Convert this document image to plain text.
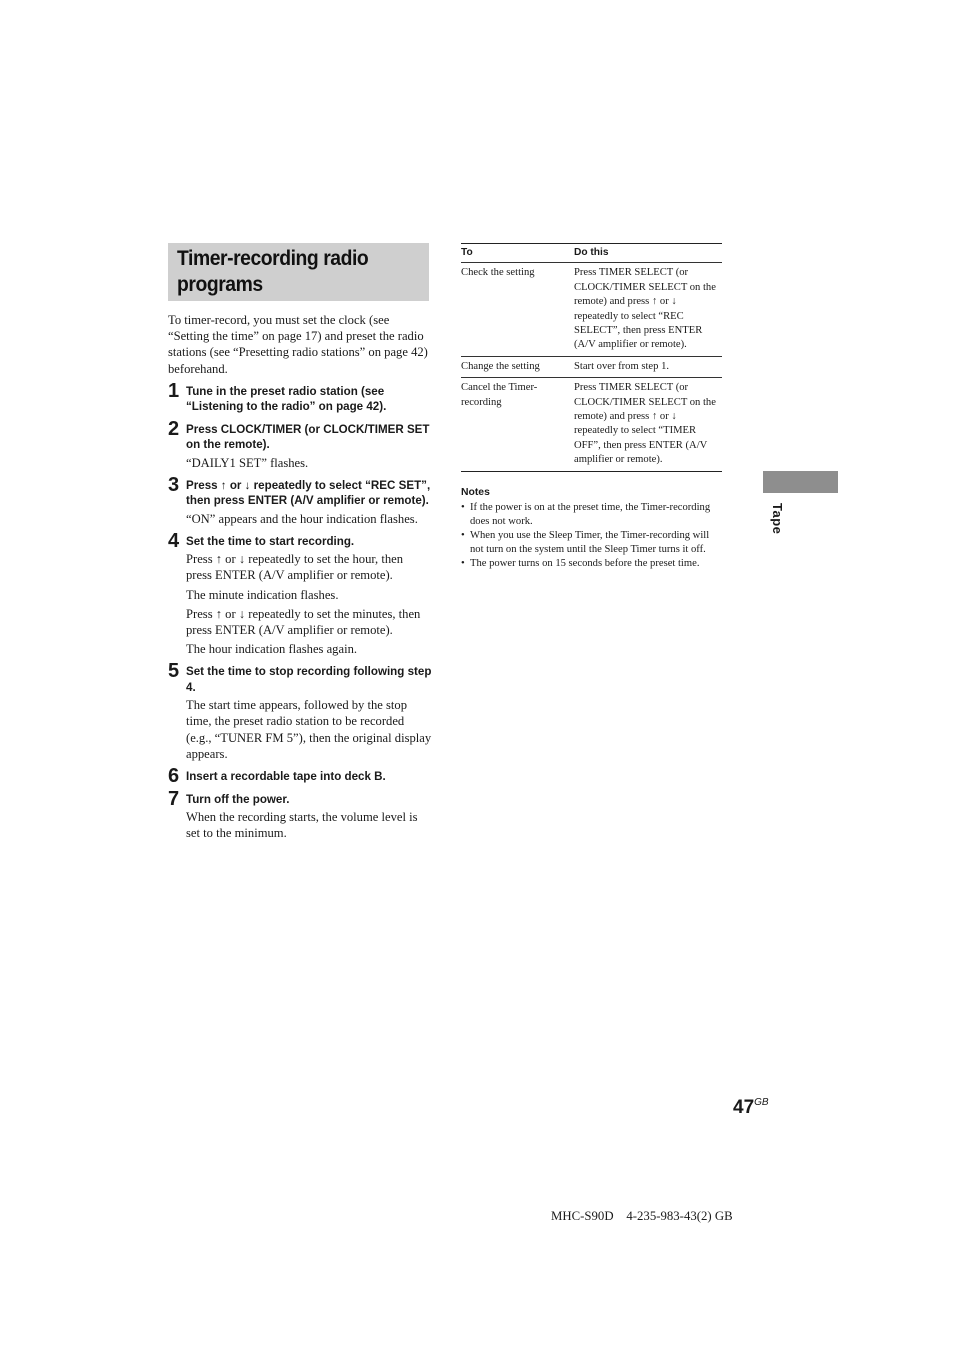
Timer-recording radio programs

To timer-record, you must set the clock (see “Setting the time” on page 17) and preset the radio stations (see “Presetting radio stations” on page 42) beforehand.

1 Tune in the preset radio station (see “Listening to the radio” on page 42).

2 Press CLOCK/TIMER (or CLOCK/TIMER SET on the remote).

“DAILY1 SET” flashes.

3 Press ↑ or ↓ repeatedly to select “REC SET”, then press ENTER (A/V amplifier or remote).

“ON” appears and the hour indication flashes.

4 Set the time to start recording.

Press ↑ or ↓ repeatedly to set the hour, then press ENTER (A/V amplifier or remote).

The minute indication flashes.

Press ↑ or ↓ repeatedly to set the minutes, then press ENTER (A/V amplifier or remote).

The hour indication flashes again.

5 Set the time to stop recording following step 4.

The start time appears, followed by the stop time, the preset radio station to be recorded (e.g., “TUNER FM 5”), then the original display appears.

6 Insert a recordable tape into deck B.

7 Turn off the power.

When the recording starts, the volume level is set to the minimum.

To	Do this
Check the setting	Press TIMER SELECT (or CLOCK/TIMER SELECT on the remote) and press ↑ or ↓ repeatedly to select “REC SELECT”, then press ENTER (A/V amplifier or remote).
Change the setting	Start over from step 1.
Cancel the Timer-recording	Press TIMER SELECT (or CLOCK/TIMER SELECT on the remote) and press ↑ or ↓ repeatedly to select “TIMER OFF”, then press ENTER (A/V amplifier or remote).

Notes

• If the power is on at the preset time, the Timer-recording does not work.
• When you use the Sleep Timer, the Timer-recording will not turn on the system until the Sleep Timer turns it off.
• The power turns on 15 seconds before the preset time.
Tape
$47^{GB}$
MHC-S90D    4-235-983-43(2) GB
